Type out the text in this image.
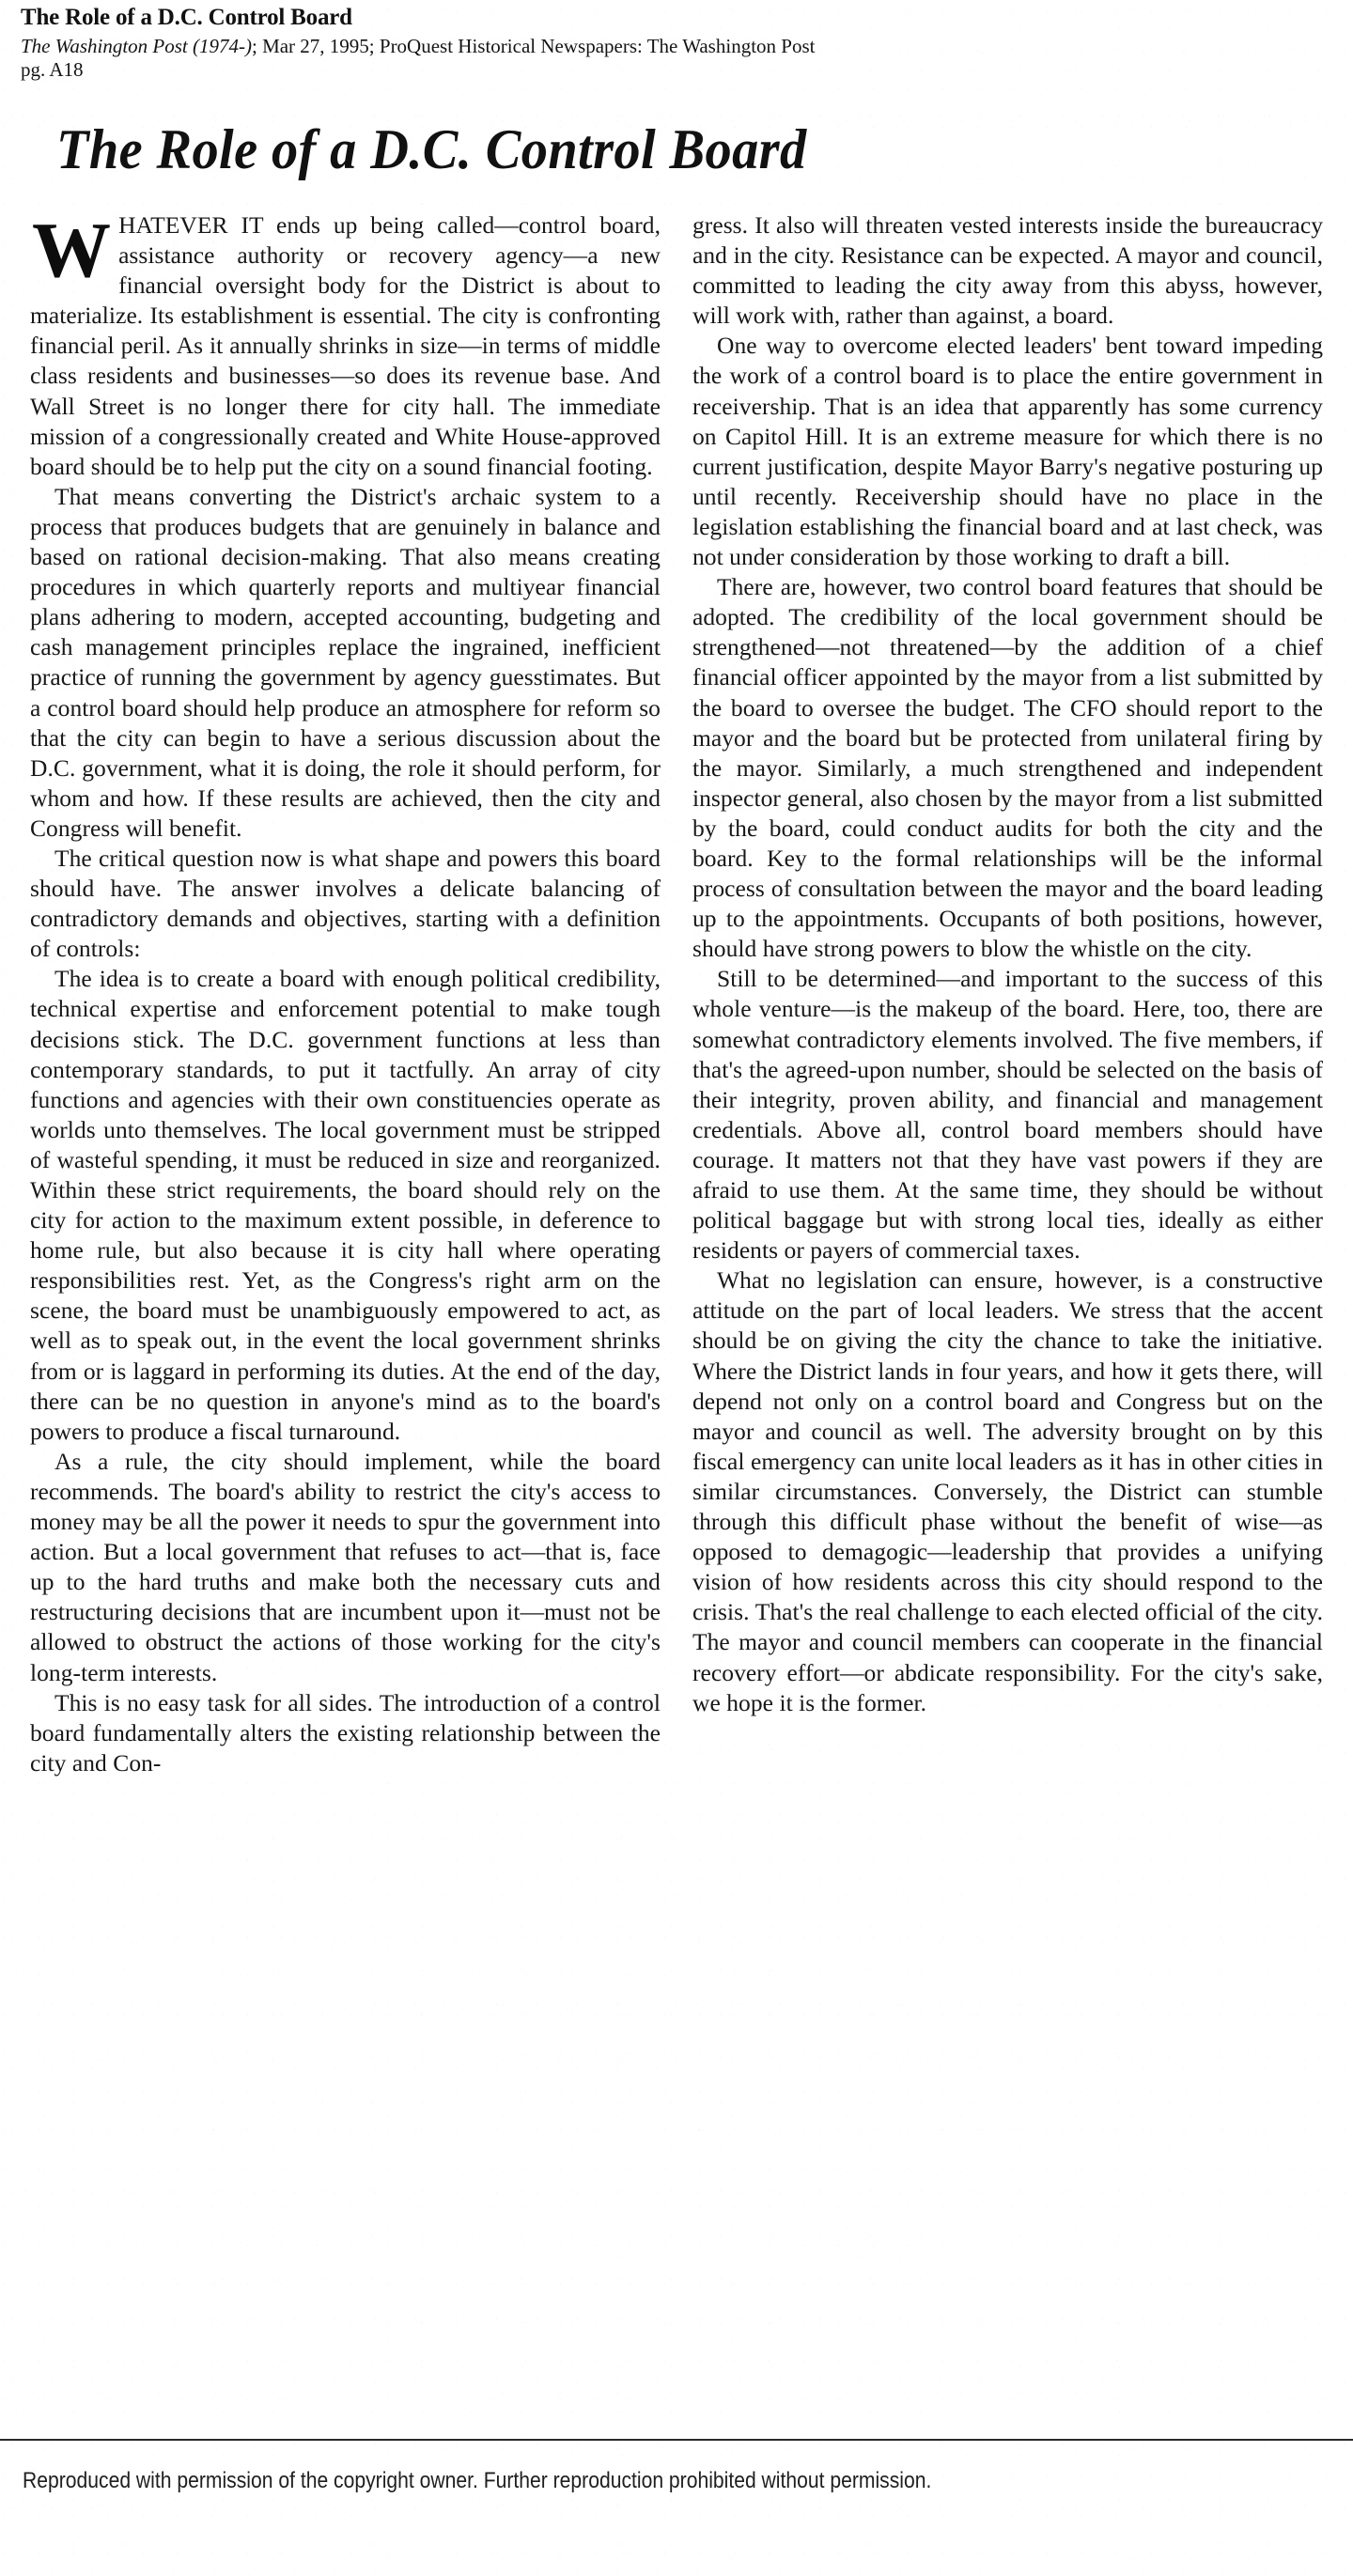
The Role of a D.C. Control Board
The Washington Post (1974-); Mar 27, 1995; ProQuest Historical Newspapers: The Washington Post
pg. A18
The Role of a D.C. Control Board

WHATEVER IT ends up being called—control board, assistance authority or recovery agency—a new financial oversight body for the District is about to materialize. Its establishment is essential. The city is confronting financial peril. As it annually shrinks in size—in terms of middle class residents and businesses—so does its revenue base. And Wall Street is no longer there for city hall. The immediate mission of a congressionally created and White House-approved board should be to help put the city on a sound financial footing.

That means converting the District's archaic system to a process that produces budgets that are genuinely in balance and based on rational decision-making. That also means creating procedures in which quarterly reports and multiyear financial plans adhering to modern, accepted accounting, budgeting and cash management principles replace the ingrained, inefficient practice of running the government by agency guesstimates. But a control board should help produce an atmosphere for reform so that the city can begin to have a serious discussion about the D.C. government, what it is doing, the role it should perform, for whom and how. If these results are achieved, then the city and Congress will benefit.

The critical question now is what shape and powers this board should have. The answer involves a delicate balancing of contradictory demands and objectives, starting with a definition of controls:

The idea is to create a board with enough political credibility, technical expertise and enforcement potential to make tough decisions stick. The D.C. government functions at less than contemporary standards, to put it tactfully. An array of city functions and agencies with their own constituencies operate as worlds unto themselves. The local government must be stripped of wasteful spending, it must be reduced in size and reorganized. Within these strict requirements, the board should rely on the city for action to the maximum extent possible, in deference to home rule, but also because it is city hall where operating responsibilities rest. Yet, as the Congress's right arm on the scene, the board must be unambiguously empowered to act, as well as to speak out, in the event the local government shrinks from or is laggard in performing its duties. At the end of the day, there can be no question in anyone's mind as to the board's powers to produce a fiscal turnaround.

As a rule, the city should implement, while the board recommends. The board's ability to restrict the city's access to money may be all the power it needs to spur the government into action. But a local government that refuses to act—that is, face up to the hard truths and make both the necessary cuts and restructuring decisions that are incumbent upon it—must not be allowed to obstruct the actions of those working for the city's long-term interests.

This is no easy task for all sides. The introduction of a control board fundamentally alters the existing relationship between the city and Con-

gress. It also will threaten vested interests inside the bureaucracy and in the city. Resistance can be expected. A mayor and council, committed to leading the city away from this abyss, however, will work with, rather than against, a board.

One way to overcome elected leaders' bent toward impeding the work of a control board is to place the entire government in receivership. That is an idea that apparently has some currency on Capitol Hill. It is an extreme measure for which there is no current justification, despite Mayor Barry's negative posturing up until recently. Receivership should have no place in the legislation establishing the financial board and at last check, was not under consideration by those working to draft a bill.

There are, however, two control board features that should be adopted. The credibility of the local government should be strengthened—not threatened—by the addition of a chief financial officer appointed by the mayor from a list submitted by the board to oversee the budget. The CFO should report to the mayor and the board but be protected from unilateral firing by the mayor. Similarly, a much strengthened and independent inspector general, also chosen by the mayor from a list submitted by the board, could conduct audits for both the city and the board. Key to the formal relationships will be the informal process of consultation between the mayor and the board leading up to the appointments. Occupants of both positions, however, should have strong powers to blow the whistle on the city.

Still to be determined—and important to the success of this whole venture—is the makeup of the board. Here, too, there are somewhat contradictory elements involved. The five members, if that's the agreed-upon number, should be selected on the basis of their integrity, proven ability, and financial and management credentials. Above all, control board members should have courage. It matters not that they have vast powers if they are afraid to use them. At the same time, they should be without political baggage but with strong local ties, ideally as either residents or payers of commercial taxes.

What no legislation can ensure, however, is a constructive attitude on the part of local leaders. We stress that the accent should be on giving the city the chance to take the initiative. Where the District lands in four years, and how it gets there, will depend not only on a control board and Congress but on the mayor and council as well. The adversity brought on by this fiscal emergency can unite local leaders as it has in other cities in similar circumstances. Conversely, the District can stumble through this difficult phase without the benefit of wise—as opposed to demagogic—leadership that provides a unifying vision of how residents across this city should respond to the crisis. That's the real challenge to each elected official of the city. The mayor and council members can cooperate in the financial recovery effort—or abdicate responsibility. For the city's sake, we hope it is the former.

Reproduced with permission of the copyright owner. Further reproduction prohibited without permission.
